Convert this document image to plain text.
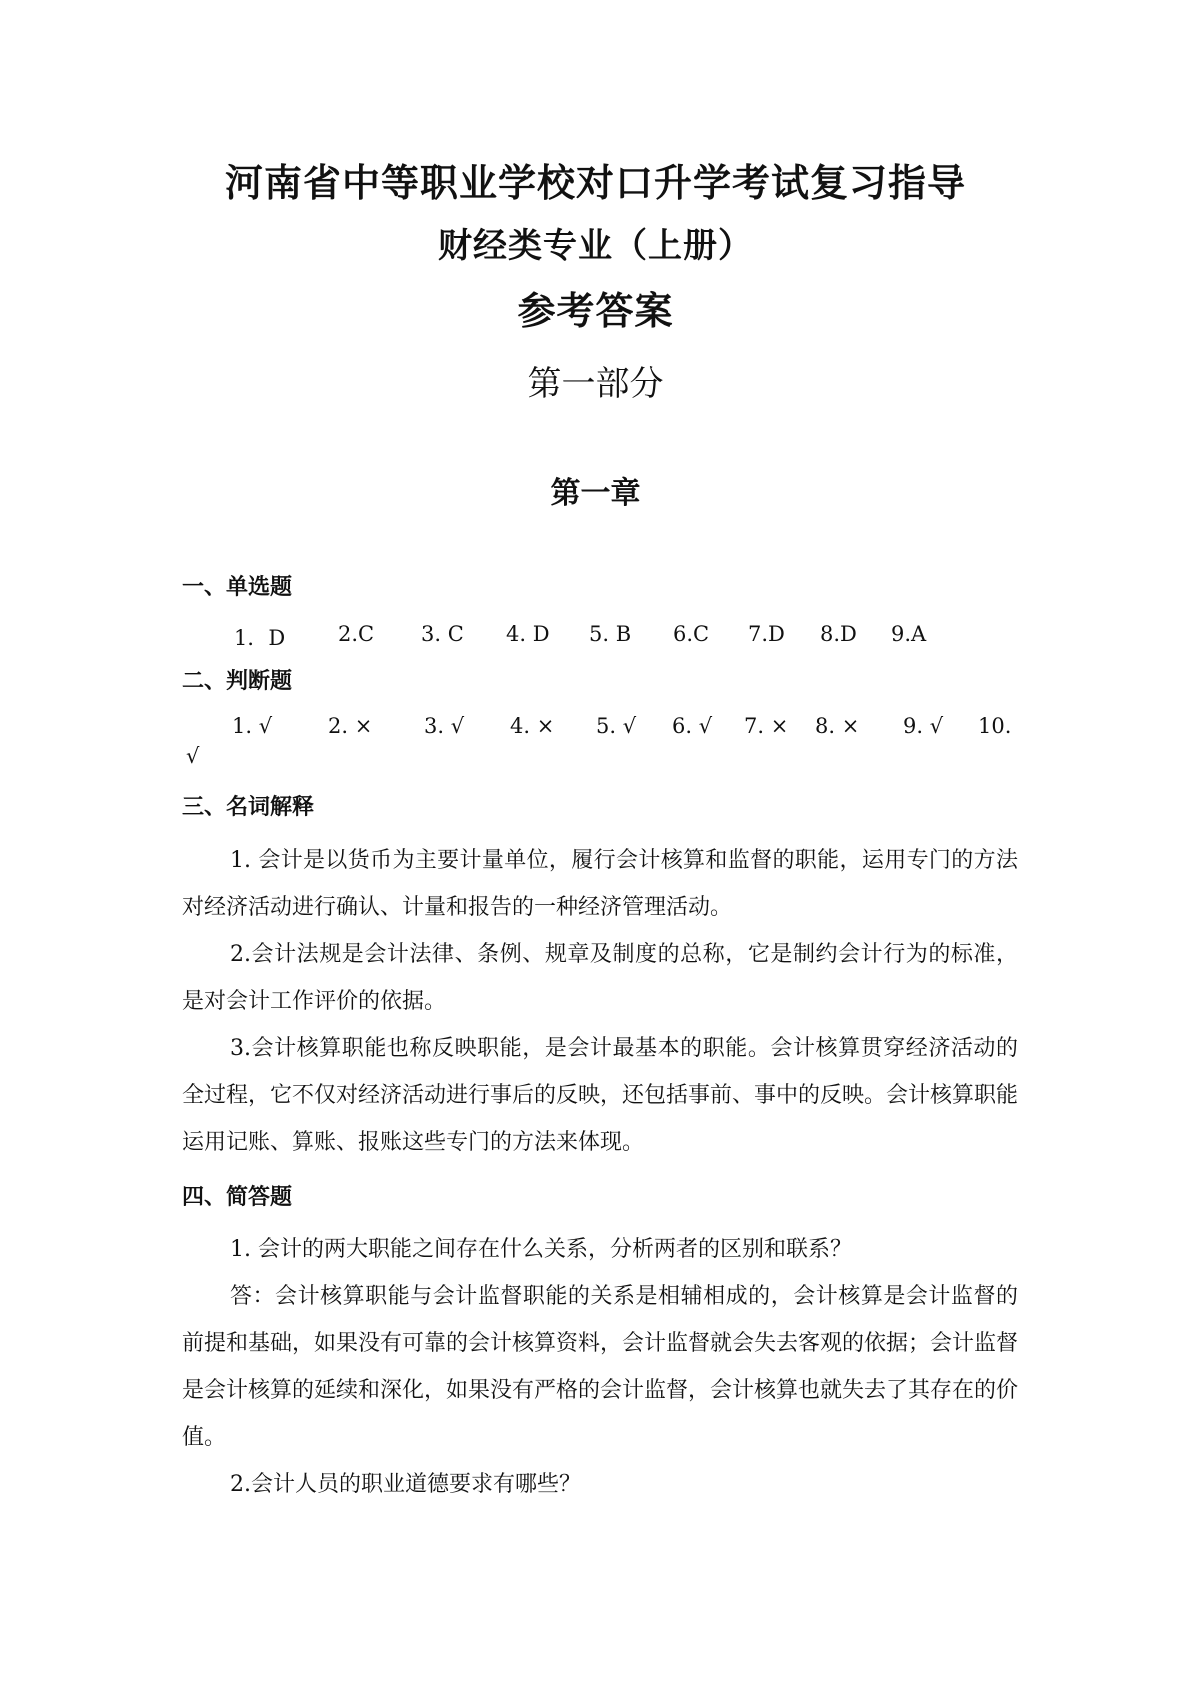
河南省中等职业学校对口升学考试复习指导
财经类专业（上册）
参考答案
第一部分
第一章
一、单选题
1．D	2.C 3. C 4. D 5. B 6.C 7.D 8.D 9.A
二、判断题
1. √	2. × 3. √ 4. × 5. √ 6. √ 7. × 8. × 9. √ 10.
√
三、名词解释
1. 会计是以货币为主要计量单位，履行会计核算和监督的职能，运用专门的方法对经济活动进行确认、计量和报告的一种经济管理活动。
2.会计法规是会计法律、条例、规章及制度的总称，它是制约会计行为的标准，是对会计工作评价的依据。
3.会计核算职能也称反映职能，是会计最基本的职能。会计核算贯穿经济活动的全过程，它不仅对经济活动进行事后的反映，还包括事前、事中的反映。会计核算职能运用记账、算账、报账这些专门的方法来体现。
四、简答题
1. 会计的两大职能之间存在什么关系，分析两者的区别和联系？
答：会计核算职能与会计监督职能的关系是相辅相成的，会计核算是会计监督的前提和基础，如果没有可靠的会计核算资料，会计监督就会失去客观的依据；会计监督是会计核算的延续和深化，如果没有严格的会计监督，会计核算也就失去了其存在的价值。
2.会计人员的职业道德要求有哪些？
